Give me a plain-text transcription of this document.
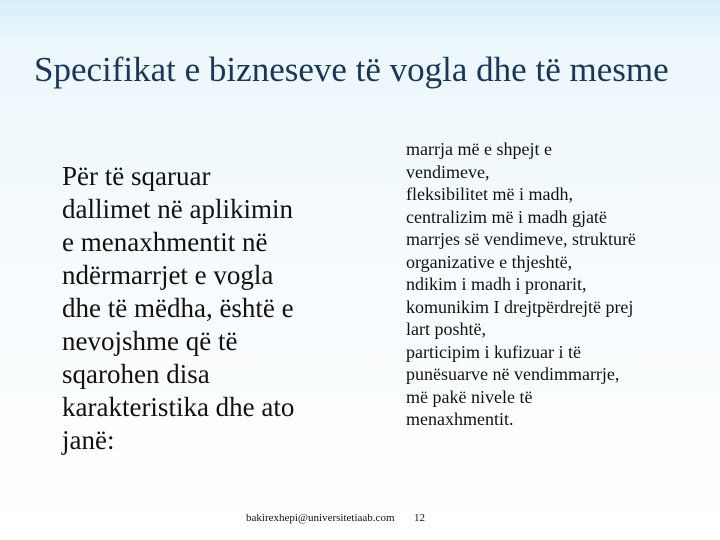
Specifikat e bizneseve të vogla dhe të mesme
Për të sqaruar
dallimet në aplikimin
e menaxhmentit në
ndërmarrjet e vogla
dhe të mëdha, është e
nevojshme që të
sqarohen disa
karakteristika dhe ato
janë:
marrja më e shpejt e
vendimeve,
fleksibilitet më i madh,
centralizim më i madh gjatë
marrjes së vendimeve, strukturë
organizative e thjeshtë,
ndikim i madh i pronarit,
komunikim I drejtpërdrejtë prej
lart poshtë,
participim i kufizuar i të
punësuarve në vendimmarrje,
më pakë nivele të
menaxhmentit.
bakirexhepi@universitetiaab.com 12
